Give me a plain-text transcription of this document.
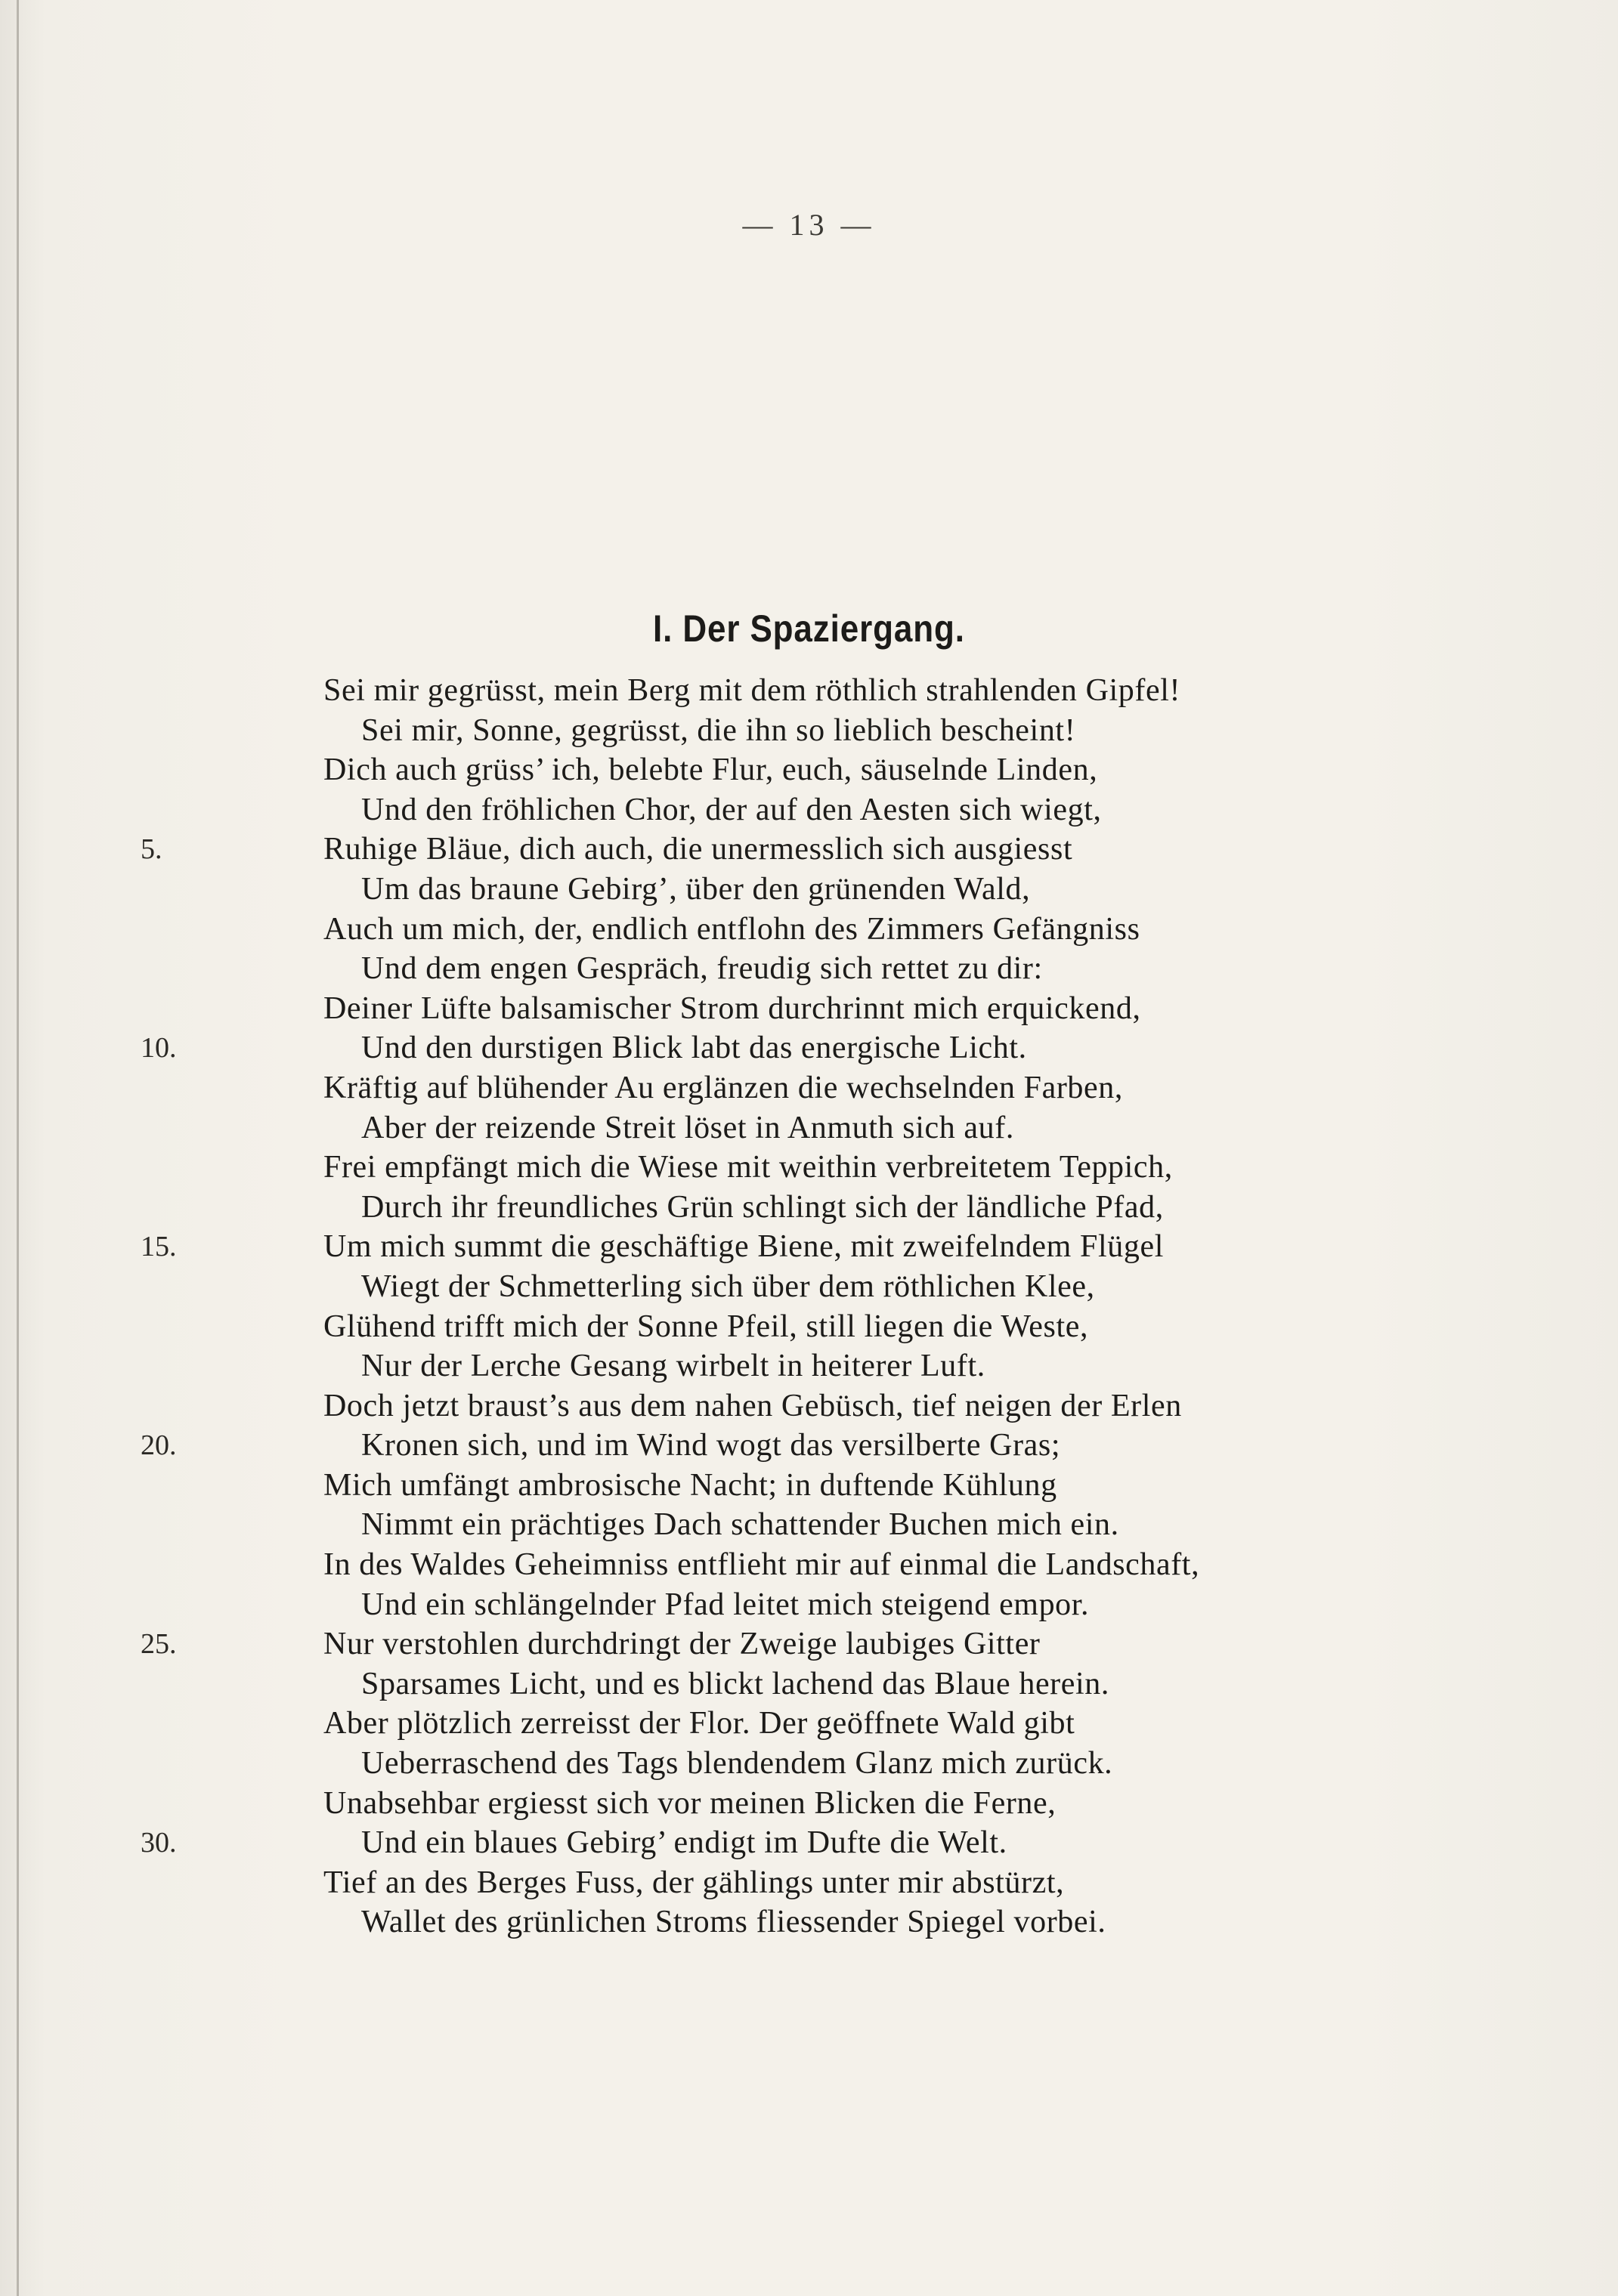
— 13 —
I. Der Spaziergang.
Sei mir gegrüsst, mein Berg mit dem röthlich strahlenden Gipfel!
Sei mir, Sonne, gegrüsst, die ihn so lieblich bescheint!
Dich auch grüss’ ich, belebte Flur, euch, säuselnde Linden,
Und den fröhlichen Chor, der auf den Aesten sich wiegt,
5.	Ruhige Bläue, dich auch, die unermesslich sich ausgiesst
Um das braune Gebirg’, über den grünenden Wald,
Auch um mich, der, endlich entflohn des Zimmers Gefängniss
Und dem engen Gespräch, freudig sich rettet zu dir:
Deiner Lüfte balsamischer Strom durchrinnt mich erquickend,
10.	Und den durstigen Blick labt das energische Licht.
Kräftig auf blühender Au erglänzen die wechselnden Farben,
Aber der reizende Streit löset in Anmuth sich auf.
Frei empfängt mich die Wiese mit weithin verbreitetem Teppich,
Durch ihr freundliches Grün schlingt sich der ländliche Pfad,
15.	Um mich summt die geschäftige Biene, mit zweifelndem Flügel
Wiegt der Schmetterling sich über dem röthlichen Klee,
Glühend trifft mich der Sonne Pfeil, still liegen die Weste,
Nur der Lerche Gesang wirbelt in heiterer Luft.
Doch jetzt braust’s aus dem nahen Gebüsch, tief neigen der Erlen
20.	Kronen sich, und im Wind wogt das versilberte Gras;
Mich umfängt ambrosische Nacht; in duftende Kühlung
Nimmt ein prächtiges Dach schattender Buchen mich ein.
In des Waldes Geheimniss entflieht mir auf einmal die Landschaft,
Und ein schlängelnder Pfad leitet mich steigend empor.
25.	Nur verstohlen durchdringt der Zweige laubiges Gitter
Sparsames Licht, und es blickt lachend das Blaue herein.
Aber plötzlich zerreisst der Flor. Der geöffnete Wald gibt
Ueberraschend des Tags blendendem Glanz mich zurück.
Unabsehbar ergiesst sich vor meinen Blicken die Ferne,
30.	Und ein blaues Gebirg’ endigt im Dufte die Welt.
Tief an des Berges Fuss, der gählings unter mir abstürzt,
Wallet des grünlichen Stroms fliessender Spiegel vorbei.
